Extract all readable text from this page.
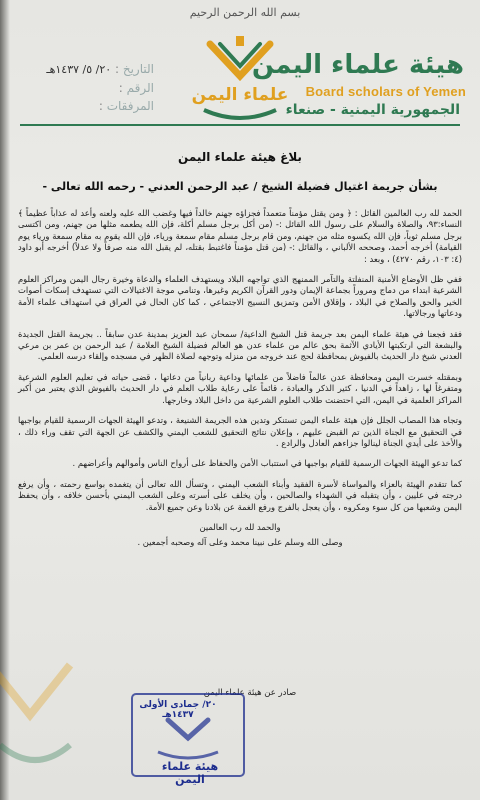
بسم الله الرحمن الرحيم
هيئة علماء اليمن
Board scholars of Yemen
الجمهورية اليمنية - صنعاء
علماء اليمن
التاريخ : ٢٠/ ٥/ ١٤٣٧هـ
الرقم :
المرفقات :
بلاغ هيئة علماء اليمن
بشأن جريمة اغتيال فضيلة الشيخ / عبد الرحمن العدني - رحمه الله تعالى -

الحمد لله رب العالمين القائل : ﴿ ومن يقتل مؤمناً متعمداً فجزاؤه جهنم خالداً فيها وغضب الله عليه ولعنه وأعد له عذاباً عظيماً ﴾ النساء:٩٣، والصلاة والسلام على رسول الله القائل :- (من أكل برجل مسلم أكلة، فإن الله يطعمه مثلها من جهنم، ومن اكتسى برجل مسلم ثوباً، فإن الله يكسوه مثله من جهنم، ومن قام برجل مسلم مقام سمعة ورياء، فإن الله يقوم به مقام سمعة ورياء يوم القيامة) أخرجه أحمد، وصححه الألباني ، والقائل :- (من قتل مؤمناً فاغتبط بقتله، لم يقبل الله منه صرفاً ولا عدلاً) أخرجه أبو داود (٤: ١٠٣، رقم ٤٢٧٠) ، وبعد :

ففي ظل الأوضاع الأمنية المنفلتة والتآمر الممنهج الذي تواجهه البلاد ويستهدف العلماء والدعاة وخيرة رجال اليمن ومراكز العلوم الشرعية ابتداء من دماج ومروراً بجماعة الإيمان ودور القرآن الكريم وغيرها، وتنامي موجة الاغتيالات التي تستهدف إسكات أصوات الخير والحق والصلاح في البلاد ، وإقلاق الأمن وتمزيق النسيج الاجتماعي ، كما كان الحال في العراق في استهداف علماء الأمة ودعاتها ورجالاتها.

فقد فجعنا في هيئة علماء اليمن بعد جريمة قتل الشيخ الداعية/ سمحان عبد العزيز بمدينة عدن سابقاً .. بجريمة القتل الجديدة والبشعة التي ارتكبتها الأيادي الآثمة بحق عالم من علماء عدن هو العالم فضيلة الشيخ العلامة / عبد الرحمن بن عمر بن مرعي العدني شيخ دار الحديث بالفيوش بمحافظة لحج عند خروجه من منزله وتوجهه لصلاة الظهر في مسجده وإلقاء درسه العلمي.

وبمقتله خسرت اليمن ومحافظة عدن عالماً فاضلاً من علمائها وداعية ربانياً من دعاتها ، قضى حياته في تعليم العلوم الشرعية ومتفرغاً لها ، زاهداً في الدنيا ، كثير الذكر والعبادة ، قائماً على رعاية طلاب العلم في دار الحديث بالفيوش الذي يعتبر من أكبر المراكز العلمية في اليمن، التي احتضنت طلاب العلوم الشرعية من داخل البلاد وخارجها.

وتجاه هذا المصاب الجلل فإن هيئة علماء اليمن تستنكر وتدين هذه الجريمة الشنيعة ، وتدعو الهيئة الجهات الرسمية للقيام بواجبها في التحقيق مع الجناة الذين تم القبض عليهم ، وإعلان نتائج التحقيق للشعب اليمني والكشف عن الجهة التي تقف وراء ذلك ، والأخذ على أيدي الجناة لينالوا جزاءهم العادل والرادع .

كما تدعو الهيئة الجهات الرسمية للقيام بواجبها في استتباب الأمن والحفاظ على أرواح الناس وأموالهم وأعراضهم .

كما تتقدم الهيئة بالعزاء والمواساة لأسرة الفقيد وأبناء الشعب اليمني ، وتسأل الله تعالى أن يتغمده بواسع رحمته ، وأن يرفع درجته في عليين ، وأن يتقبله في الشهداء والصالحين ، وأن يخلف على أسرته وعلى الشعب اليمني بأحسن خلافه ، وأن يحفظ اليمن وشعبها من كل سوء ومكروه ، وأن يعجل بالفرج ورفع الغمة عن بلادنا وعن جميع الأمة.

والحمد لله رب العالمين

وصلى الله وسلم على نبينا محمد وعلى آله وصحبه أجمعين .

صادر عن هيئة علماء اليمن
٢٠/ جمادى الأولى ١٤٣٧هـ
هيئة علماء اليمن
